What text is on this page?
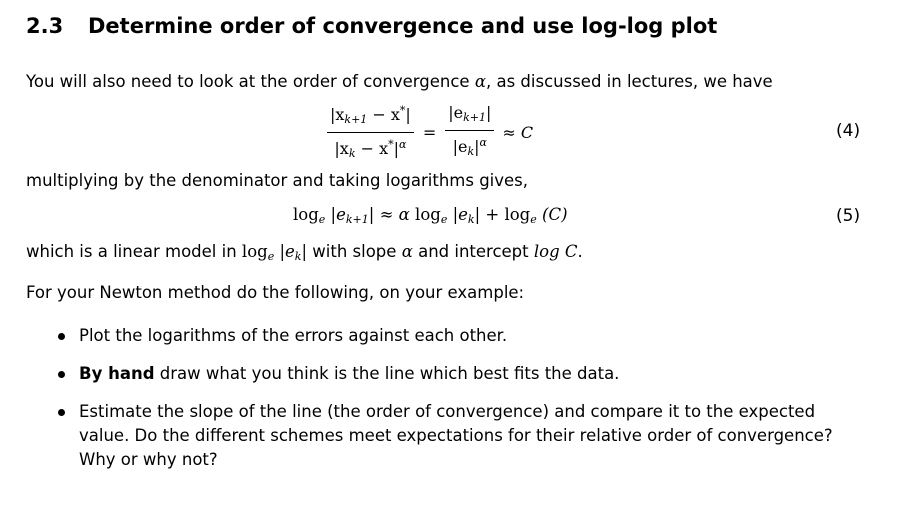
2.3 Determine order of convergence and use log-log plot
You will also need to look at the order of convergence α, as discussed in lectures, we have
$\frac{|x_{k+1} - x^*|}{|x_k - x^*|^\alpha} = \frac{|e_{k+1}|}{|e_k|^\alpha} \approx C$	(4)
multiplying by the denominator and taking logarithms gives,
$\log_e |e_{k+1}| \approx \alpha$ $\log_e |e_k| + \log_e (C)$	(5)
which is a linear model in $\log_e |e_k|$ with slope α and intercept log C.
For your Newton method do the following, on your example:
Plot the logarithms of the errors against each other.
By hand draw what you think is the line which best fits the data.
Estimate the slope of the line (the order of convergence) and compare it to the expected value. Do the different schemes meet expectations for their relative order of convergence? Why or why not?
